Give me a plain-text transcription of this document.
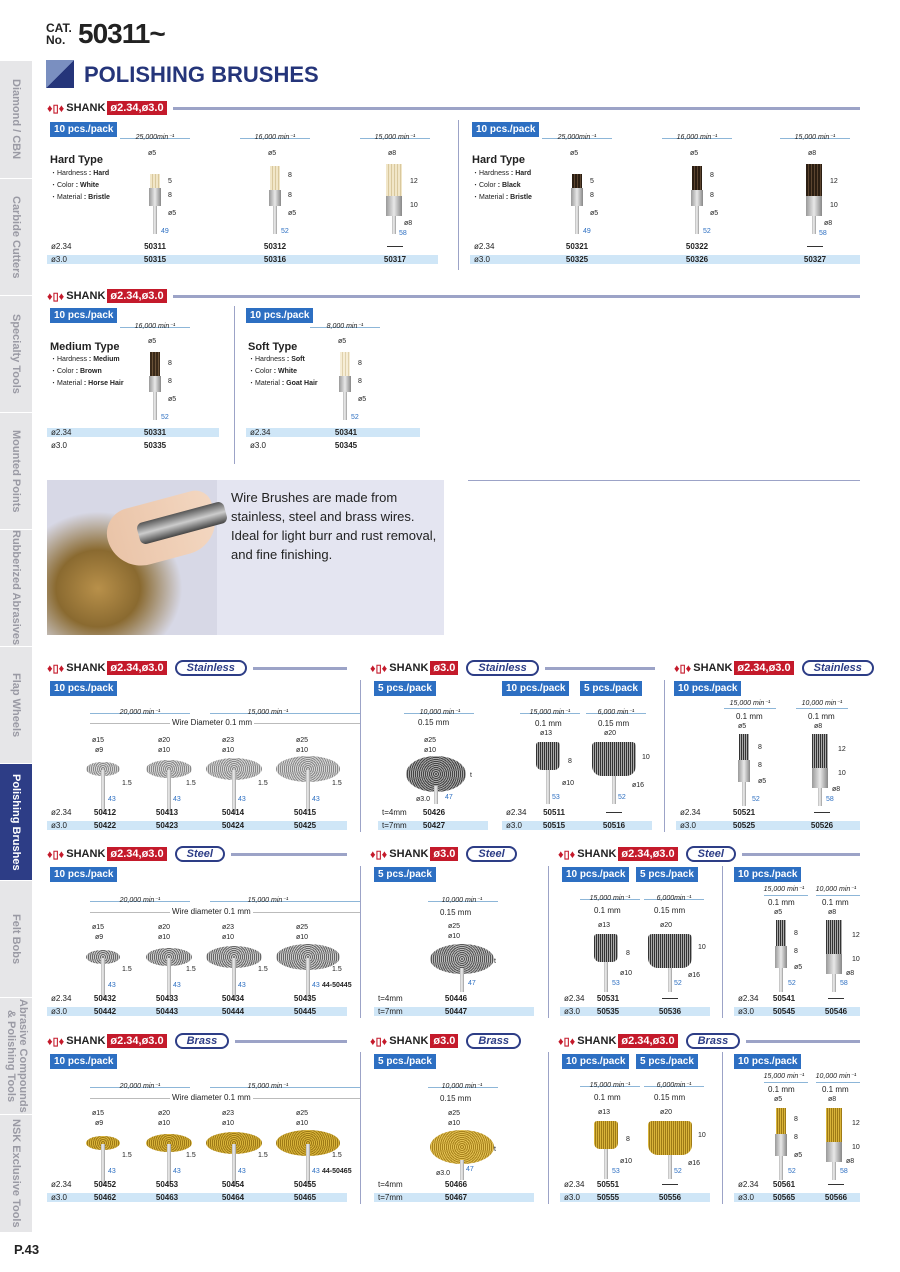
CAT. No. 50311~
POLISHING BRUSHES
Diamond / CBN
Carbide Cutters
Specialty Tools
Mounted Points
Rubberized Abrasives
Flap Wheels
Polishing Brushes
Felt Bobs
Abrasive Compounds & Polishing Tools
NSK Exclusive Tools
P.43
♦▯♦ SHANK ø2.34,ø3.0
10 pcs./pack
Hard Type
・Hardness : Hard
・Color : White
・Material : Bristle
25,000min⁻¹	16,000 min⁻¹	15,000 min⁻¹
ø5
5
8
ø5
49
ø5
8
8
ø5
52
ø8
12
10
ø8
58
ø2.34	50311	50312
ø3.0	50315	50316	50317
10 pcs./pack
Hard Type
・Hardness : Hard
・Color : Black
・Material : Bristle
25,000min⁻¹	16,000 min⁻¹	15,000 min⁻¹
ø5
5
8
ø5
49
ø5
8
8
ø5
52
ø8
12
10
ø8
58
ø2.34	50321	50322
ø3.0	50325	50326	50327
♦▯♦ SHANK ø2.34,ø3.0
10 pcs./pack
Medium Type
・Hardness : Medium
・Color : Brown
・Material : Horse Hair
16,000 min⁻¹
ø5
8
8
ø5
52
ø2.34	50331
ø3.0	50335
10 pcs./pack
Soft Type
・Hardness : Soft
・Color : White
・Material : Goat Hair
8,000 min⁻¹
ø5
8
8
ø5
52
ø2.34	50341
ø3.0	50345
Wire Brushes are made from stainless, steel and brass wires. Ideal for light burr and rust removal, and fine finishing.
♦▯♦ SHANK ø2.34,ø3.0	Stainless
10 pcs./pack
20,000 min⁻¹	15,000 min⁻¹
Wire Diameter 0.1 mm
ø15
ø9
1.5
43
ø20
ø10
1.5
43
ø23
ø10
1.5
43
ø25
ø10
1.5
43
ø2.34	50412	50413	50414	50415
ø3.0	50422	50423	50424	50425
♦▯♦ SHANK ø3.0	Stainless
5 pcs./pack
10,000 min⁻¹
0.15 mm
ø25
ø10
t
ø3.0 47
t=4mm 50426
t=7mm 50427
10 pcs./pack	5 pcs./pack
15,000 min⁻¹	6,000 min⁻¹
0.1 mm	0.15 mm
ø13
8
ø10
53
ø20
10
ø16
52
ø2.34 50511
ø3.0	50515	50516
♦▯♦ SHANK ø2.34,ø3.0	Stainless
10 pcs./pack
15,000 min⁻¹	10,000 min⁻¹
0.1 mm	0.1 mm
ø5
8
8
ø5
52
ø8
12
10
ø8
58
ø2.34	50521
ø3.0	50525	50526
♦▯♦ SHANK ø2.34,ø3.0	Steel
10 pcs./pack
20,000 min⁻¹	15,000 min⁻¹
Wire diameter 0.1 mm
ø15
ø9
1.5
43
ø20
ø10
1.5
43
ø23
ø10
1.5
43
ø25
ø10
1.5
43 44-50445
ø2.34	50432	50433	50434	50435
ø3.0	50442	50443	50444	50445
♦▯♦ SHANK ø3.0	Steel
5 pcs./pack
10,000 min⁻¹
0.15 mm
ø25
ø10
t
47
t=4mm	50446
t=7mm	50447
♦▯♦ SHANK ø2.34,ø3.0	Steel
10 pcs./pack	5 pcs./pack
15,000 min⁻¹	6,000min⁻¹
0.1 mm	0.15 mm
ø13
8
ø10
53
ø20
10
ø16
52
ø2.34 50531
ø3.0 50535	50536
10 pcs./pack
15,000 min⁻¹ 10,000 min⁻¹
0.1 mm	0.1 mm
ø5
8
8
ø5
52
ø8
12
10
ø8
58
ø2.34 50541
ø3.0 50545	50546
♦▯♦ SHANK ø2.34,ø3.0	Brass
10 pcs./pack
20,000 min⁻¹	15,000 min⁻¹
Wire diameter 0.1 mm
ø15
ø9
1.5
43
ø20
ø10
1.5
43
ø23
ø10
1.5
43
ø25
ø10
1.5
43 44-50465
ø2.34	50452	50453	50454	50455
ø3.0	50462	50463	50464	50465
♦▯♦ SHANK ø3.0	Brass
5 pcs./pack
10,000 min⁻¹
0.15 mm
ø25
ø10
t
ø3.0
47
t=4mm	50466
t=7mm	50467
♦▯♦ SHANK ø2.34,ø3.0	Brass
10 pcs./pack	5 pcs./pack
15,000 min⁻¹	6,000min⁻¹
0.1 mm	0.15 mm
ø13
8
ø10
53
ø20
10
ø16
52
ø2.34 50551
ø3.0 50555	50556
10 pcs./pack
15,000 min⁻¹ 10,000 min⁻¹
0.1 mm	0.1 mm
ø5
8
8
ø5
52
ø8
12
10
ø8
58
ø2.34 50561
ø3.0 50565	50566
